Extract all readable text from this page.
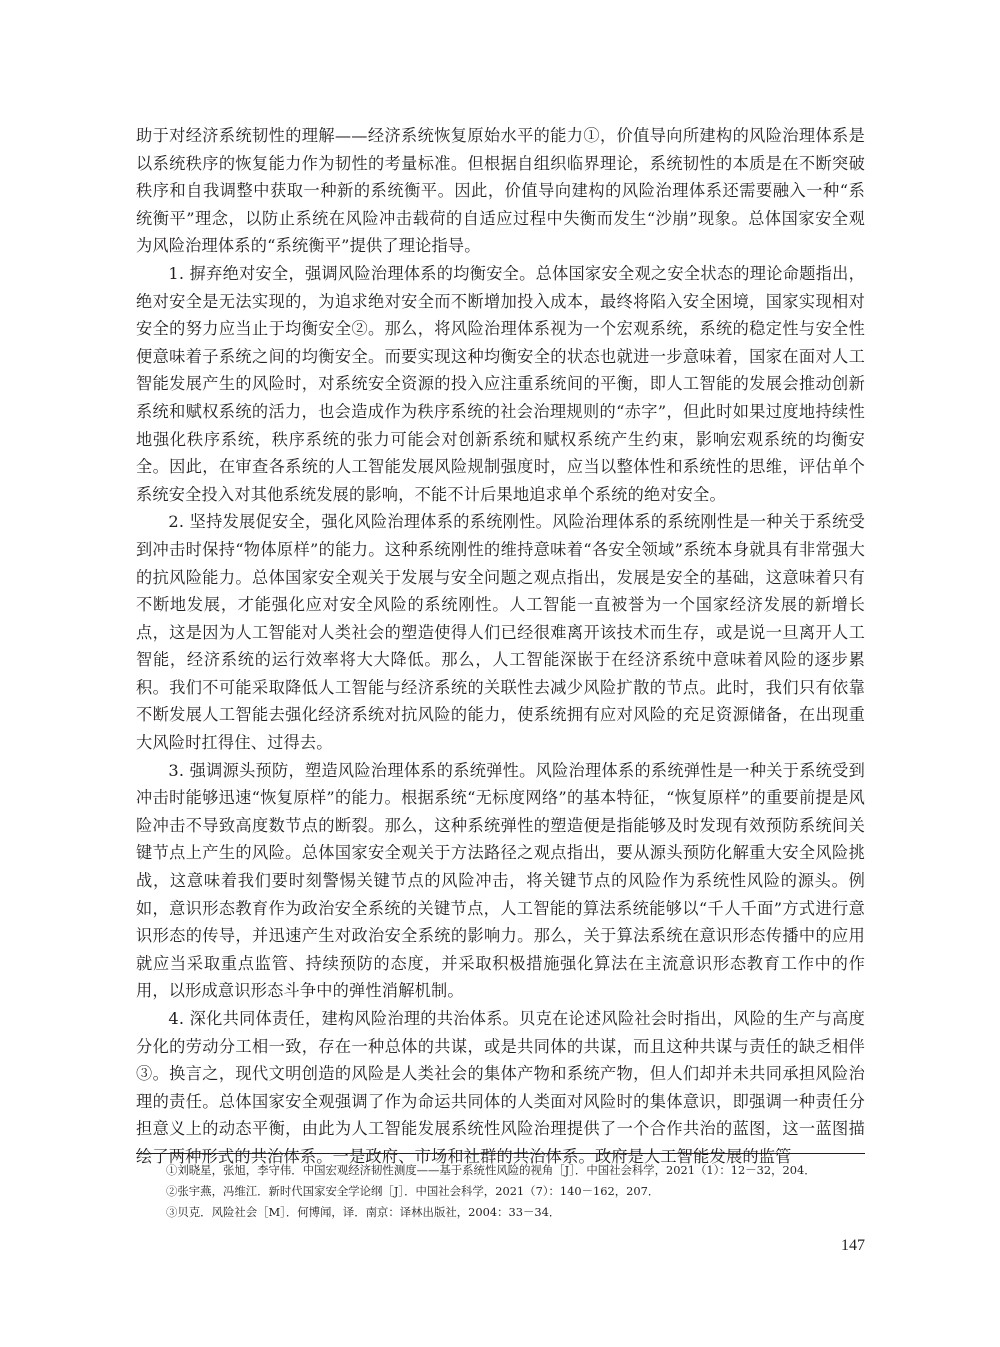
助于对经济系统韧性的理解——经济系统恢复原始水平的能力①，价值导向所建构的风险治理体系是以系统秩序的恢复能力作为韧性的考量标准。但根据自组织临界理论，系统韧性的本质是在不断突破秩序和自我调整中获取一种新的系统衡平。因此，价值导向建构的风险治理体系还需要融入一种“系统衡平”理念，以防止系统在风险冲击载荷的自适应过程中失衡而发生“沙崩”现象。总体国家安全观为风险治理体系的“系统衡平”提供了理论指导。

1. 摒弃绝对安全，强调风险治理体系的均衡安全。总体国家安全观之安全状态的理论命题指出，绝对安全是无法实现的，为追求绝对安全而不断增加投入成本，最终将陷入安全困境，国家实现相对安全的努力应当止于均衡安全②。那么，将风险治理体系视为一个宏观系统，系统的稳定性与安全性便意味着子系统之间的均衡安全。而要实现这种均衡安全的状态也就进一步意味着，国家在面对人工智能发展产生的风险时，对系统安全资源的投入应注重系统间的平衡，即人工智能的发展会推动创新系统和赋权系统的活力，也会造成作为秩序系统的社会治理规则的“赤字”，但此时如果过度地持续性地强化秩序系统，秩序系统的张力可能会对创新系统和赋权系统产生约束，影响宏观系统的均衡安全。因此，在审查各系统的人工智能发展风险规制强度时，应当以整体性和系统性的思维，评估单个系统安全投入对其他系统发展的影响，不能不计后果地追求单个系统的绝对安全。

2. 坚持发展促安全，强化风险治理体系的系统刚性。风险治理体系的系统刚性是一种关于系统受到冲击时保持“物体原样”的能力。这种系统刚性的维持意味着“各安全领域”系统本身就具有非常强大的抗风险能力。总体国家安全观关于发展与安全问题之观点指出，发展是安全的基础，这意味着只有不断地发展，才能强化应对安全风险的系统刚性。人工智能一直被誉为一个国家经济发展的新增长点，这是因为人工智能对人类社会的塑造使得人们已经很难离开该技术而生存，或是说一旦离开人工智能，经济系统的运行效率将大大降低。那么，人工智能深嵌于在经济系统中意味着风险的逐步累积。我们不可能采取降低人工智能与经济系统的关联性去减少风险扩散的节点。此时，我们只有依靠不断发展人工智能去强化经济系统对抗风险的能力，使系统拥有应对风险的充足资源储备，在出现重大风险时扛得住、过得去。

3. 强调源头预防，塑造风险治理体系的系统弹性。风险治理体系的系统弹性是一种关于系统受到冲击时能够迅速“恢复原样”的能力。根据系统“无标度网络”的基本特征，“恢复原样”的重要前提是风险冲击不导致高度数节点的断裂。那么，这种系统弹性的塑造便是指能够及时发现有效预防系统间关键节点上产生的风险。总体国家安全观关于方法路径之观点指出，要从源头预防化解重大安全风险挑战，这意味着我们要时刻警惕关键节点的风险冲击，将关键节点的风险作为系统性风险的源头。例如，意识形态教育作为政治安全系统的关键节点，人工智能的算法系统能够以“千人千面”方式进行意识形态的传导，并迅速产生对政治安全系统的影响力。那么，关于算法系统在意识形态传播中的应用就应当采取重点监管、持续预防的态度，并采取积极措施强化算法在主流意识形态教育工作中的作用，以形成意识形态斗争中的弹性消解机制。

4. 深化共同体责任，建构风险治理的共治体系。贝克在论述风险社会时指出，风险的生产与高度分化的劳动分工相一致，存在一种总体的共谋，或是共同体的共谋，而且这种共谋与责任的缺乏相伴③。换言之，现代文明创造的风险是人类社会的集体产物和系统产物，但人们却并未共同承担风险治理的责任。总体国家安全观强调了作为命运共同体的人类面对风险时的集体意识，即强调一种责任分担意义上的动态平衡，由此为人工智能发展系统性风险治理提供了一个合作共治的蓝图，这一蓝图描绘了两种形式的共治体系。一是政府、市场和社群的共治体系。政府是人工智能发展的监管

①刘晓星，张旭，李守伟．中国宏观经济韧性测度——基于系统性风险的视角［J］．中国社会科学，2021（1）：12－32，204．

②张宇燕，冯维江．新时代国家安全学论纲［J］．中国社会科学，2021（7）：140－162，207．

③贝克．风险社会［M］．何博闻，译．南京：译林出版社，2004：33－34．

147
